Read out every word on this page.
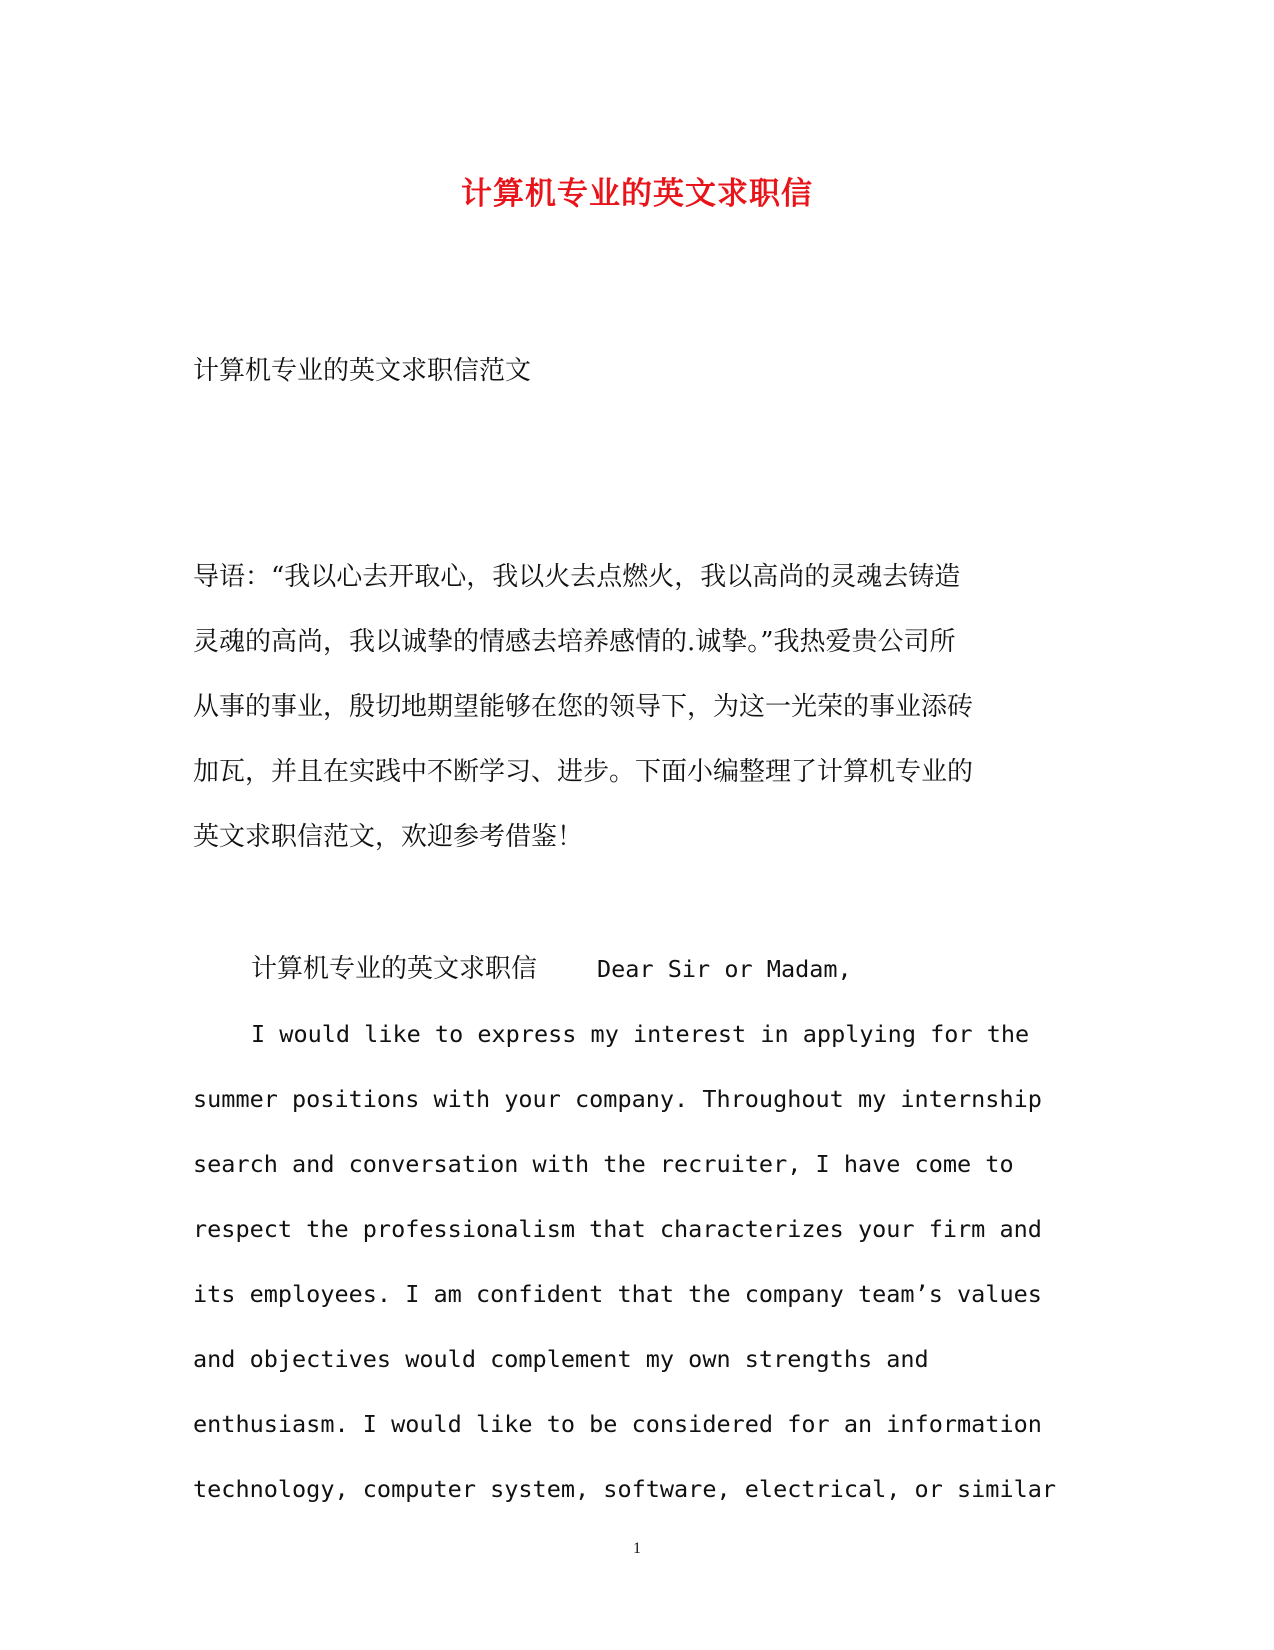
计算机专业的英文求职信
计算机专业的英文求职信范文
导语：“我以心去开取心，我以火去点燃火，我以高尚的灵魂去铸造
灵魂的高尚，我以诚挚的情感去培养感情的.诚挚。”我热爱贵公司所
从事的事业，殷切地期望能够在您的领导下，为这一光荣的事业添砖
加瓦，并且在实践中不断学习、进步。下面小编整理了计算机专业的
英文求职信范文，欢迎参考借鉴！
计算机专业的英文求职信	Dear Sir or Madam,
I would like to express my interest in applying for the
summer positions with your company. Throughout my internship
search and conversation with the recruiter, I have come to
respect the professionalism that characterizes your firm and
its employees. I am confident that the company team’s values
and objectives would complement my own strengths and
enthusiasm. I would like to be considered for an information
technology, computer system, software, electrical, or similar
1
